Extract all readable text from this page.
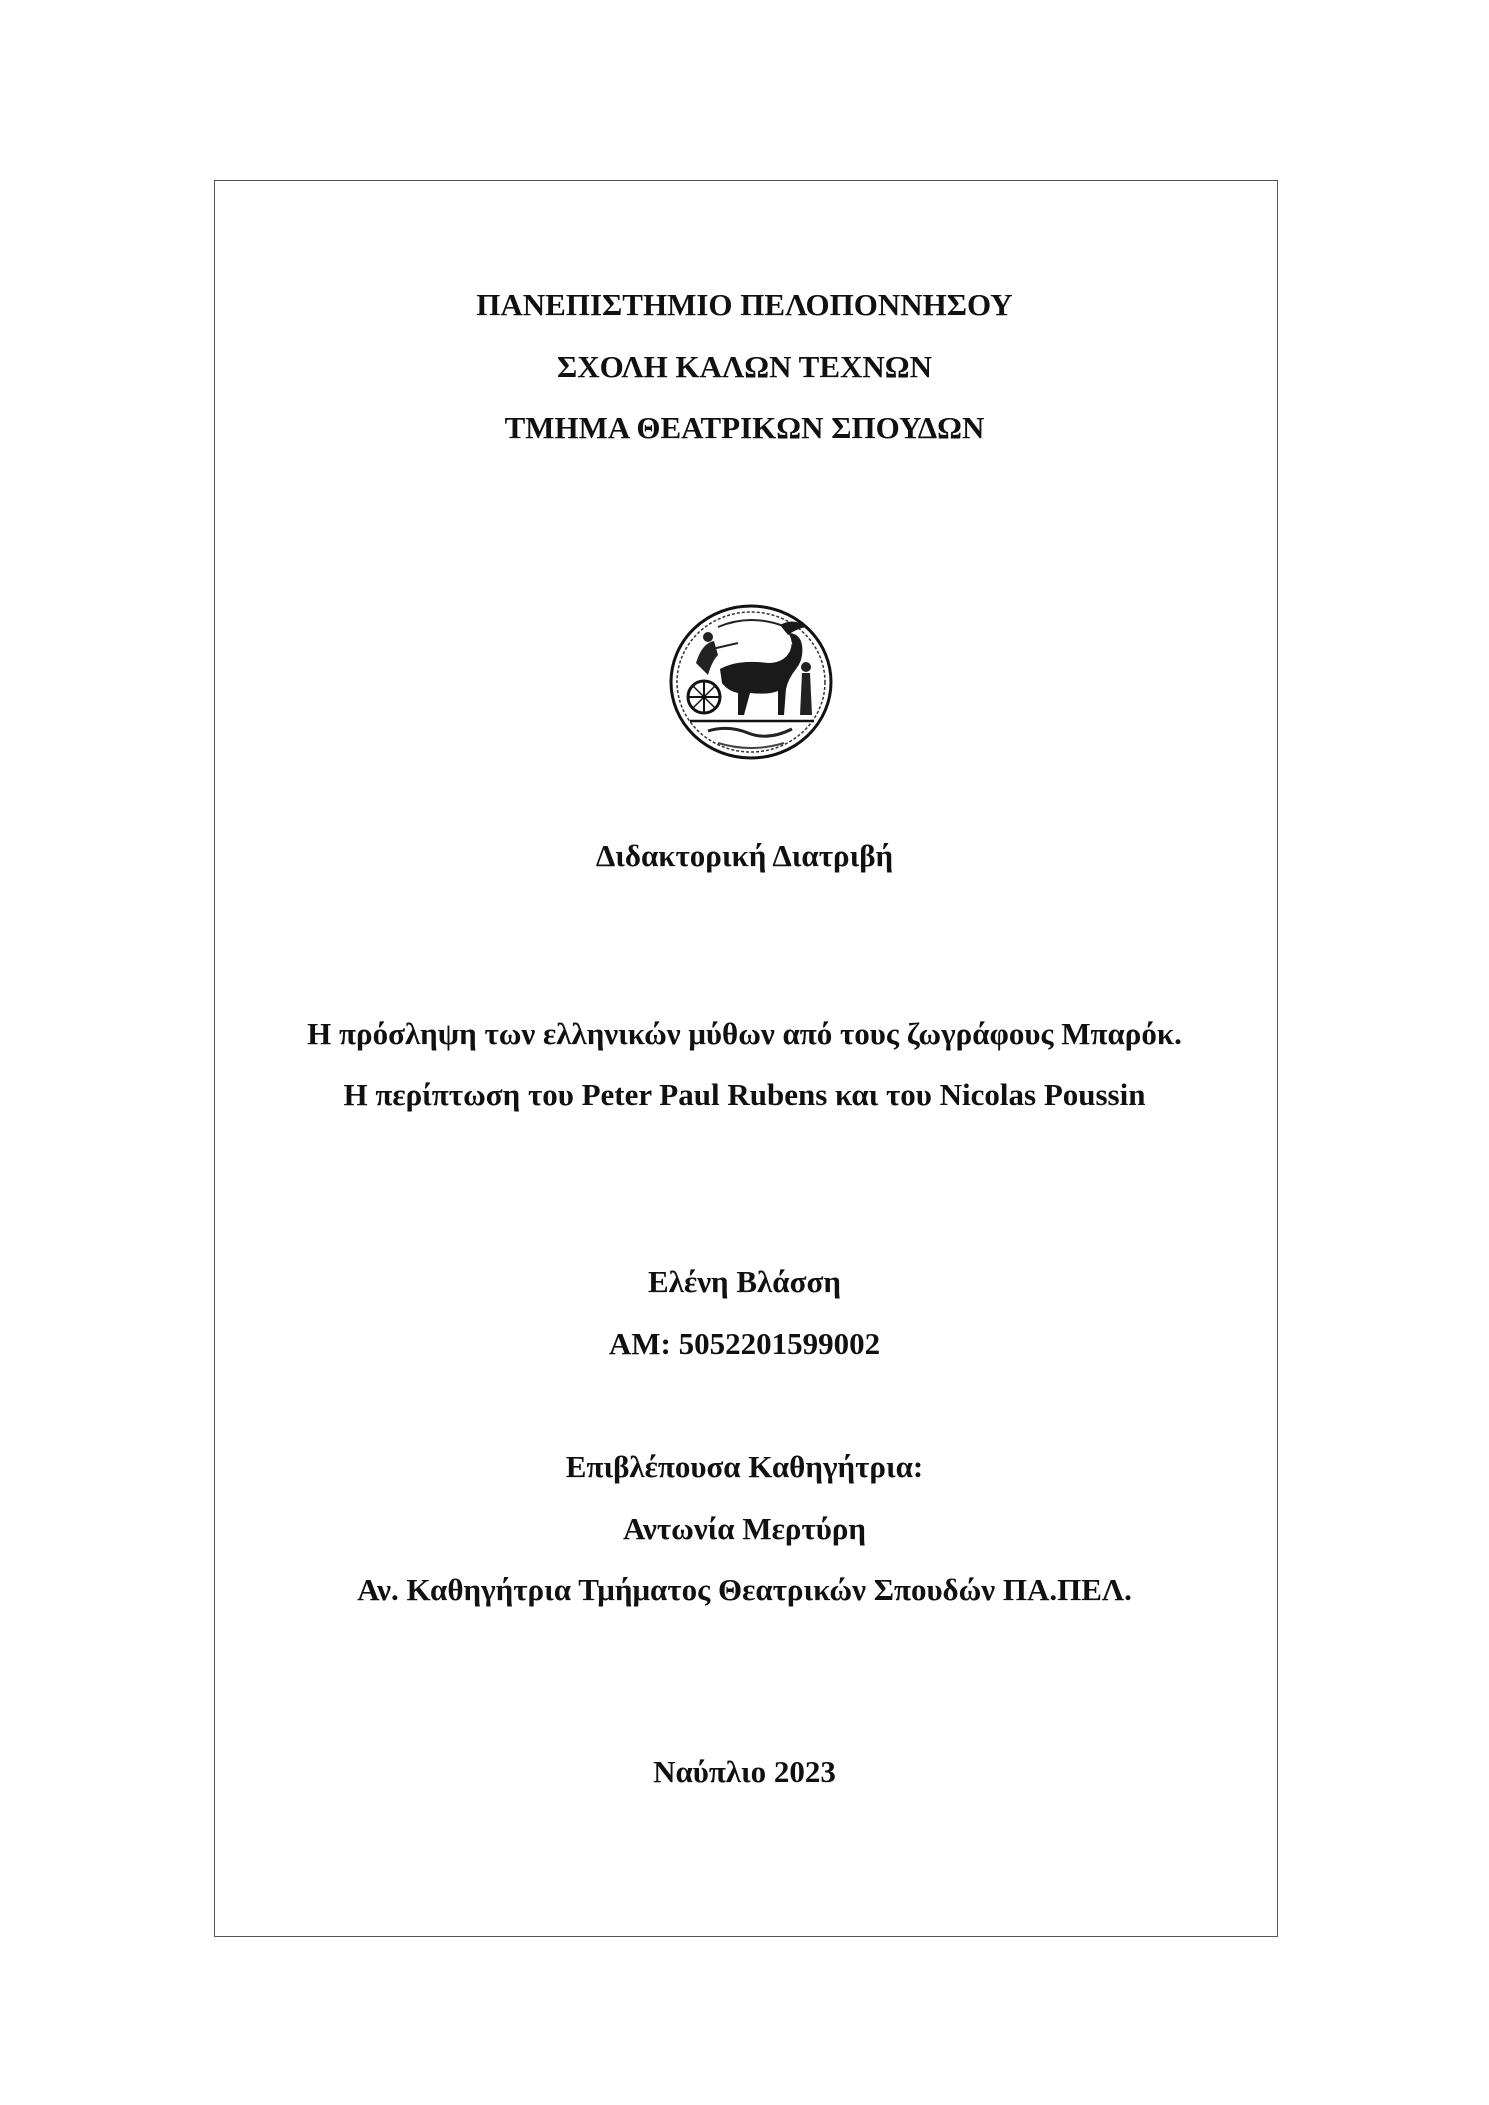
ΠΑΝΕΠΙΣΤΗΜΙΟ ΠΕΛΟΠΟΝΝΗΣΟΥ
ΣΧΟΛΗ ΚΑΛΩΝ ΤΕΧΝΩΝ
ΤΜΗΜΑ ΘΕΑΤΡΙΚΩΝ ΣΠΟΥΔΩΝ
Διδακτορική Διατριβή
Η πρόσληψη των ελληνικών μύθων από τους ζωγράφους Μπαρόκ.
Η περίπτωση του Peter Paul Rubens και του Nicolas Poussin
Ελένη Βλάσση
ΑΜ: 5052201599002
Επιβλέπουσα Καθηγήτρια:
Αντωνία Μερτύρη
Αν. Καθηγήτρια Τμήματος Θεατρικών Σπουδών ΠΑ.ΠΕΛ.
Ναύπλιο 2023
